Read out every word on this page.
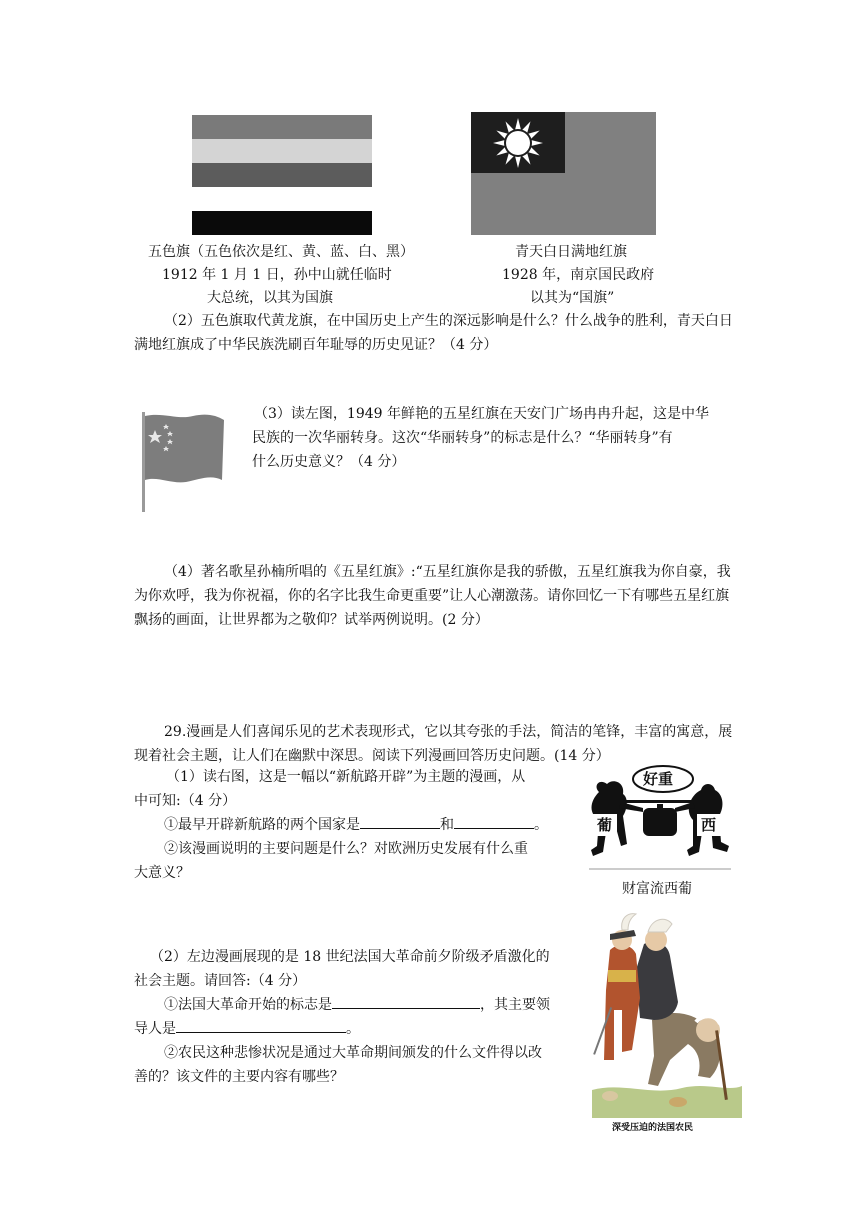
五色旗（五色依次是红、黄、蓝、白、黑）
1912 年 1 月 1 日，孙中山就任临时
大总统，以其为国旗
青天白日满地红旗
1928 年，南京国民政府
以其为“国旗”
（2）五色旗取代黄龙旗，在中国历史上产生的深远影响是什么？什么战争的胜利，青天白日满地红旗成了中华民族洗刷百年耻辱的历史见证？（4 分）
（3）读左图，1949 年鲜艳的五星红旗在天安门广场冉冉升起，这是中华
民族的一次华丽转身。这次“华丽转身”的标志是什么？“华丽转身”有
什么历史意义？（4 分）
（4）著名歌星孙楠所唱的《五星红旗》:“五星红旗你是我的骄傲，五星红旗我为你自豪，我为你欢呼，我为你祝福，你的名字比我生命更重要”让人心潮激荡。请你回忆一下有哪些五星红旗飘扬的画面，让世界都为之敬仰？试举两例说明。(2 分）
29.漫画是人们喜闻乐见的艺术表现形式，它以其夸张的手法，简洁的笔锋，丰富的寓意，展现着社会主题，让人们在幽默中深思。阅读下列漫画回答历史问题。(14 分）
（1）读右图，这是一幅以“新航路开辟”为主题的漫画，从
中可知:（4 分）
①最早开辟新航路的两个国家是	和	。
②该漫画说明的主要问题是什么？对欧洲历史发展有什么重
大意义？
好重
葡	西
财富流西葡
（2）左边漫画展现的是 18 世纪法国大革命前夕阶级矛盾激化的
社会主题。请回答:（4 分）
①法国大革命开始的标志是	，其主要领
导人是	。
②农民这种悲惨状况是通过大革命期间颁发的什么文件得以改
善的？该文件的主要内容有哪些？
深受压迫的法国农民
